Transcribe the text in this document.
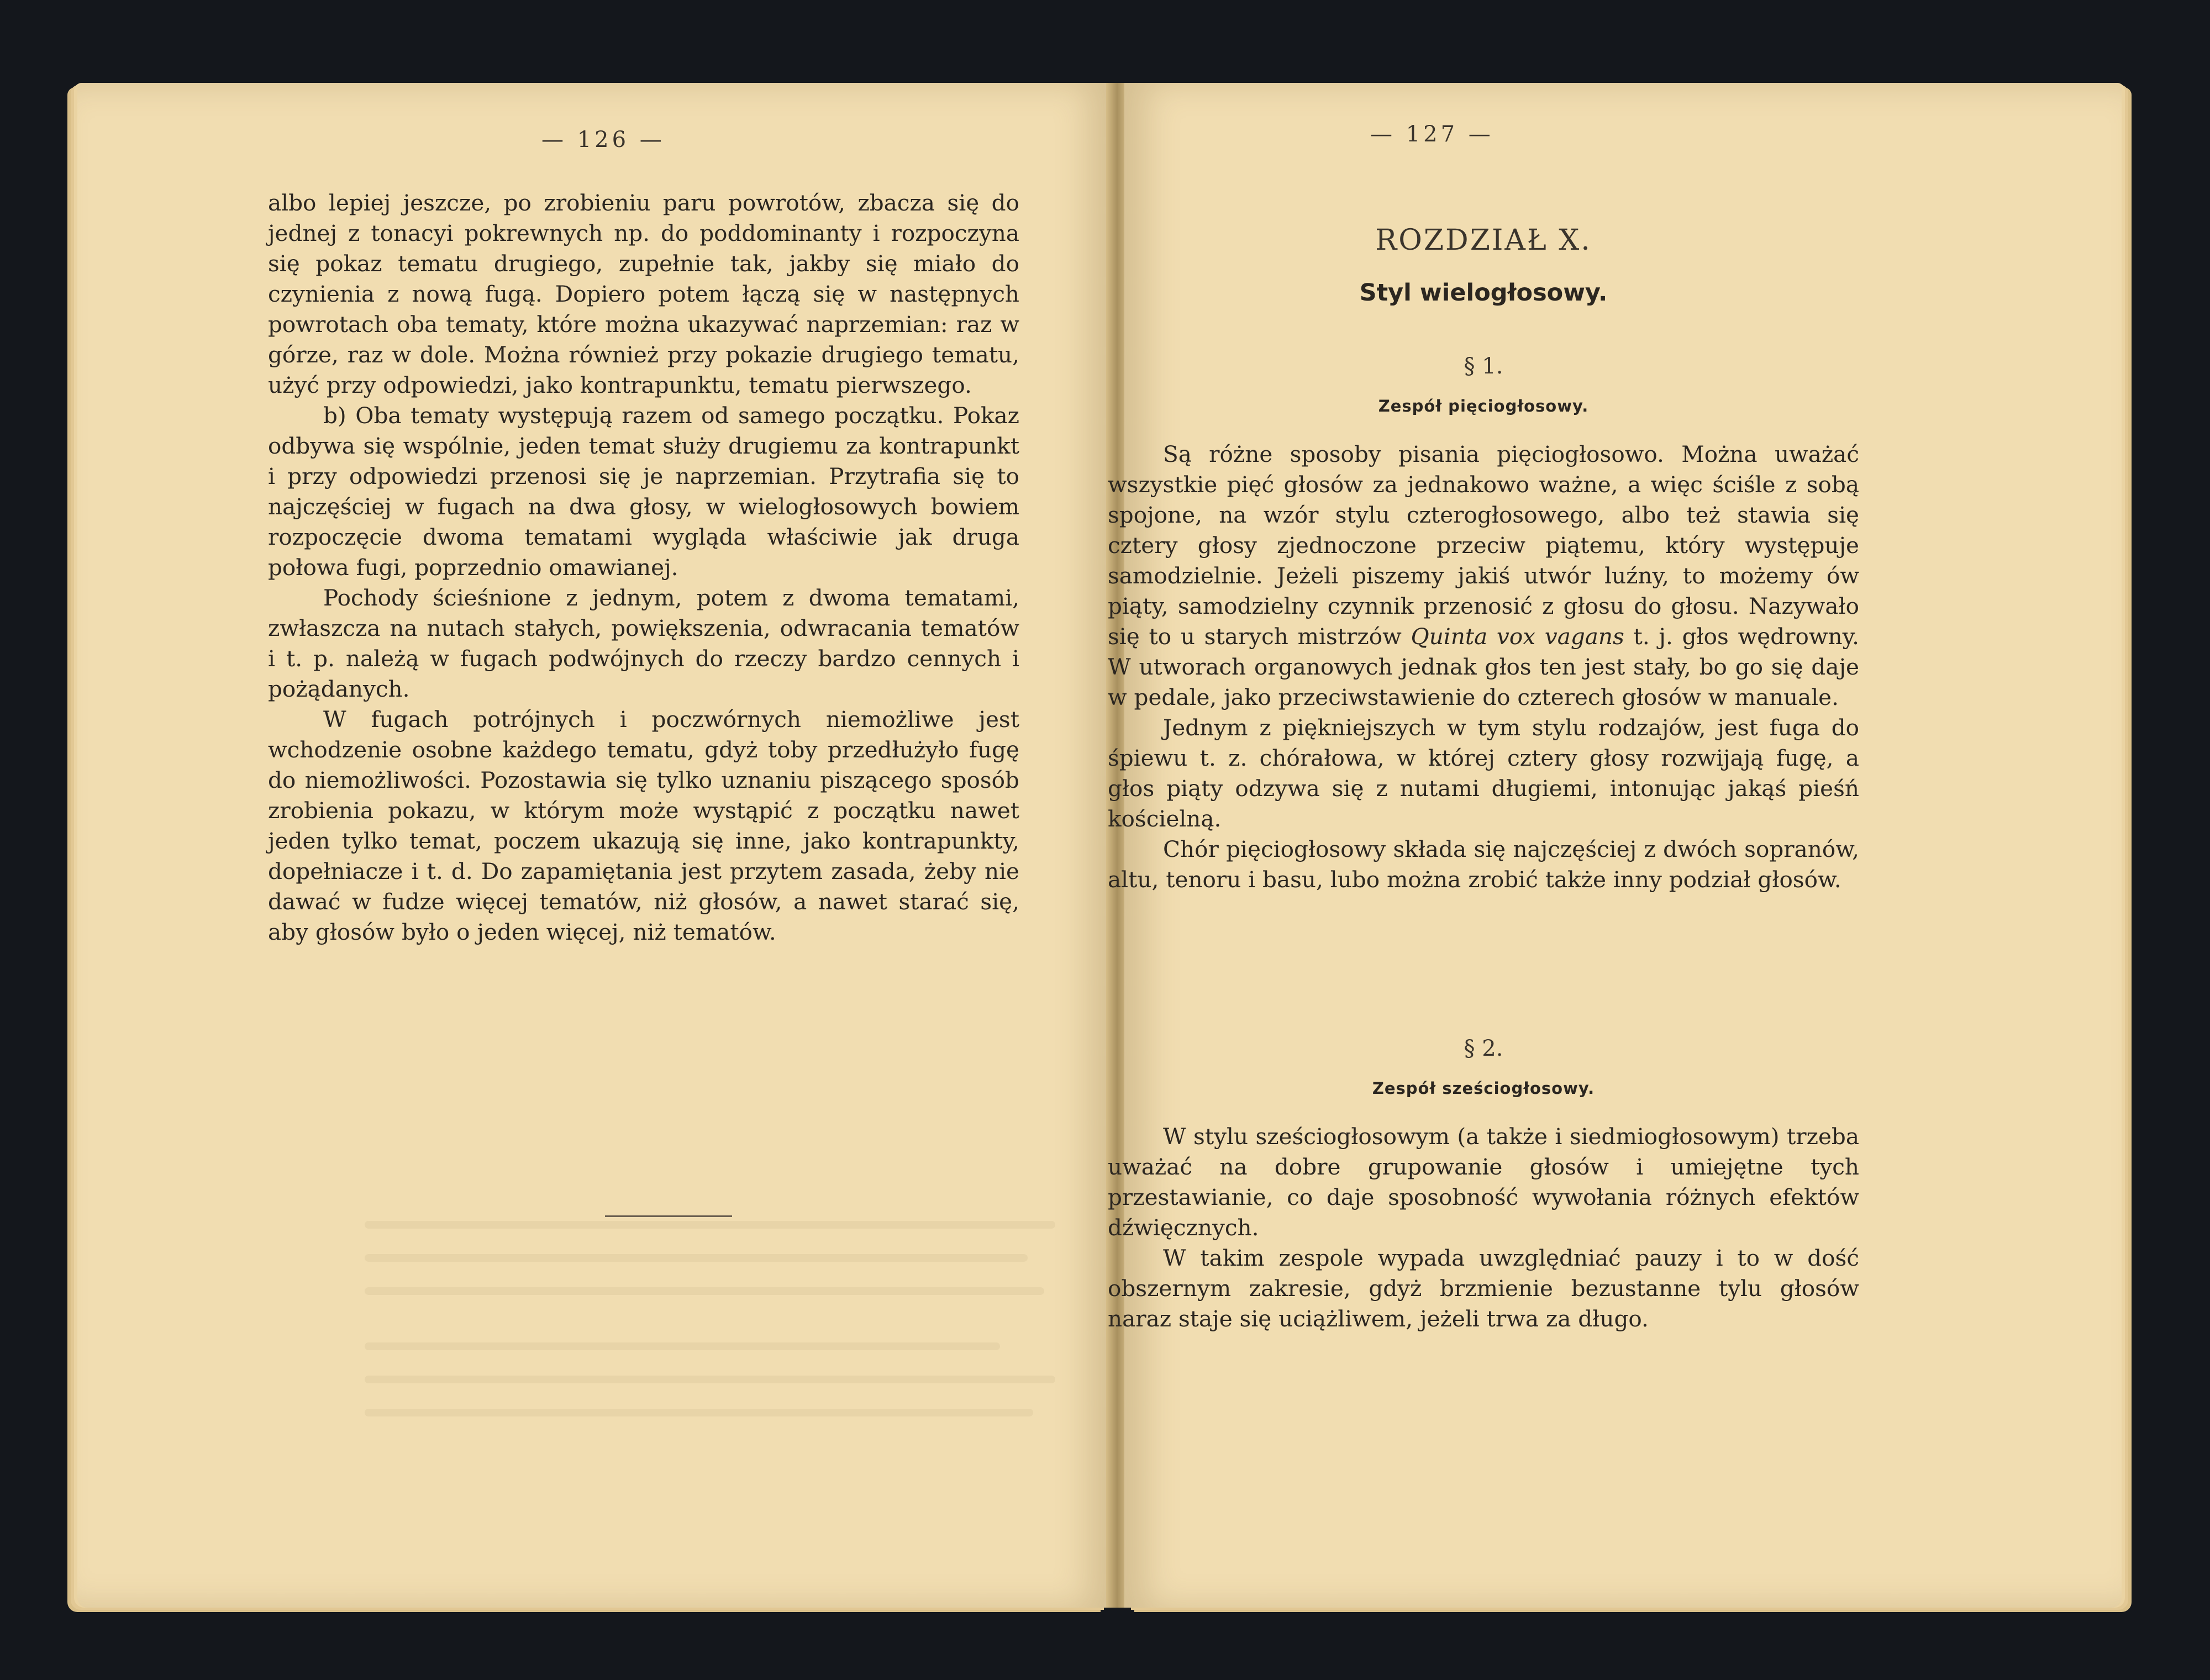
— 126 —

albo lepiej jeszcze, po zrobieniu paru powrotów, zbacza się do jednej z tonacyi pokrewnych np. do poddominanty i rozpoczyna się pokaz tematu drugiego, zupełnie tak, jakby się miało do czynienia z nową fugą. Dopiero potem łączą się w następnych powrotach oba tematy, które można ukazywać naprzemian: raz w górze, raz w dole. Można również przy pokazie drugiego tematu, użyć przy odpowiedzi, jako kontrapunktu, tematu pierwszego.

b) Oba tematy występują razem od samego początku. Pokaz odbywa się wspólnie, jeden temat służy drugiemu za kontrapunkt i przy odpowiedzi przenosi się je naprzemian. Przytrafia się to najczęściej w fugach na dwa głosy, w wielogłosowych bowiem rozpoczęcie dwoma tematami wygląda właściwie jak druga połowa fugi, poprzednio omawianej.

Pochody ścieśnione z jednym, potem z dwoma tematami, zwłaszcza na nutach stałych, powiększenia, odwracania tematów i t. p. należą w fugach podwójnych do rzeczy bardzo cennych i pożądanych.

W fugach potrójnych i poczwórnych niemożliwe jest wchodzenie osobne każdego tematu, gdyż toby przedłużyło fugę do niemożliwości. Pozostawia się tylko uznaniu piszącego sposób zrobienia pokazu, w którym może wystąpić z początku nawet jeden tylko temat, poczem ukazują się inne, jako kontrapunkty, dopełniacze i t. d. Do zapamiętania jest przytem zasada, żeby nie dawać w fudze więcej tematów, niż głosów, a nawet starać się, aby głosów było o jeden więcej, niż tematów.

— 127 —
ROZDZIAŁ X.
Styl wielogłosowy.
§ 1.
Zespół pięciogłosowy.

Są różne sposoby pisania pięciogłosowo. Można uważać wszystkie pięć głosów za jednakowo ważne, a więc ściśle z sobą spojone, na wzór stylu czterogłosowego, albo też stawia się cztery głosy zjednoczone przeciw piątemu, który występuje samodzielnie. Jeżeli piszemy jakiś utwór luźny, to możemy ów piąty, samodzielny czynnik przenosić z głosu do głosu. Nazywało się to u starych mistrzów Quinta vox vagans t. j. głos wędrowny. W utworach organowych jednak głos ten jest stały, bo go się daje w pedale, jako przeciwstawienie do czterech głosów w manuale.

Jednym z piękniejszych w tym stylu rodzajów, jest fuga do śpiewu t. z. chórałowa, w której cztery głosy rozwijają fugę, a głos piąty odzywa się z nutami długiemi, intonując jakąś pieśń kościelną.

Chór pięciogłosowy składa się najczęściej z dwóch sopranów, altu, tenoru i basu, lubo można zrobić także inny podział głosów.

§ 2.
Zespół sześciogłosowy.

W stylu sześciogłosowym (a także i siedmiogłosowym) trzeba uważać na dobre grupowanie głosów i umiejętne tych przestawianie, co daje sposobność wywołania różnych efektów dźwięcznych.

W takim zespole wypada uwzględniać pauzy i to w dość obszernym zakresie, gdyż brzmienie bezustanne tylu głosów naraz staje się uciążliwem, jeżeli trwa za długo.
